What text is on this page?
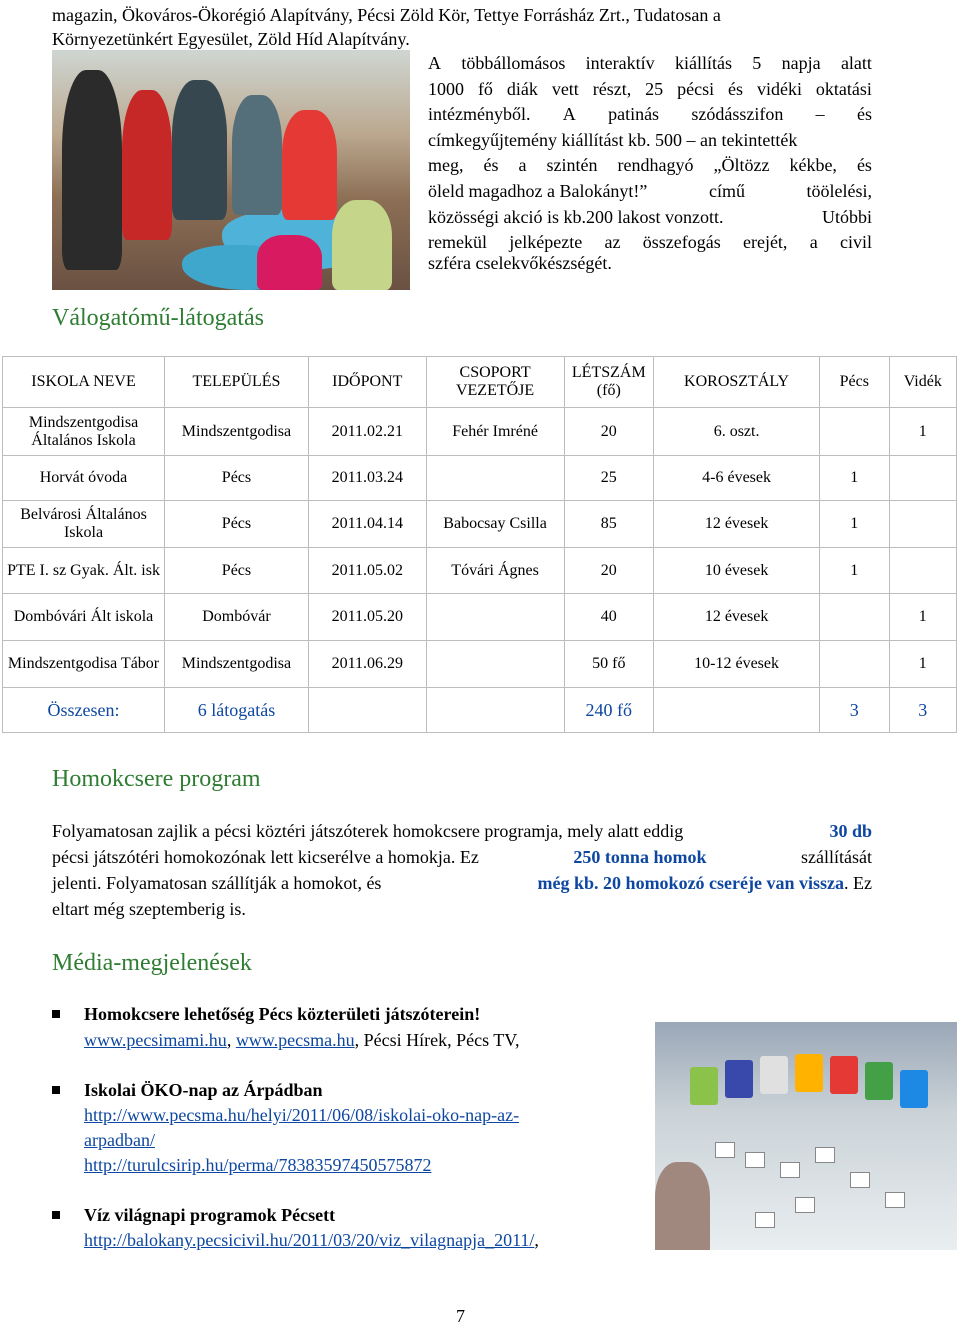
magazin, Ökováros-Ökorégió Alapítvány, Pécsi Zöld Kör, Tettye Forrásház Zrt., Tudatosan a
Környezetünkért Egyesület, Zöld Híd Alapítvány.
A többállomásos interaktív kiállítás 5 napja alatt
1000 fő diák vett részt, 25 pécsi és vidéki oktatási
intézményből. A patinás szódásszifon – és
címkegyűjtemény kiállítást kb. 500 – an tekintették
meg, és a szintén rendhagyó „Öltözz kékbe, és
öleld magadhoz a Balokányt!”	című	töölelési,
közösségi akció is kb.200 lakost vonzott.	Utóbbi
remekül jelképezte az összefogás erejét, a civil
szféra cselekvőkészségét.
Válogatómű-látogatás
ISKOLA NEVE	TELEPÜLÉS	IDŐPONT	CSOPORT VEZETŐJE	LÉTSZÁM (fő)	KOROSZTÁLY	Pécs	Vidék
Mindszentgodisa Általános Iskola	Mindszentgodisa	2011.02.21	Fehér Imréné	20	6. oszt.		1
Horvát óvoda	Pécs	2011.03.24		25	4-6 évesek	1	
Belvárosi Általános Iskola	Pécs	2011.04.14	Babocsay Csilla	85	12 évesek	1	
PTE I. sz Gyak. Ált. isk	Pécs	2011.05.02	Tóvári Ágnes	20	10 évesek	1	
Dombóvári Ált iskola	Dombóvár	2011.05.20		40	12 évesek		1
Mindszentgodisa Tábor	Mindszentgodisa	2011.06.29		50 fő	10-12 évesek		1
Összesen:	6 látogatás			240 fő		3	3
Homokcsere program
Folyamatosan zajlik a pécsi köztéri játszóterek homokcsere programja, mely alatt eddig	30 db
pécsi játszótéri homokozónak lett kicserélve a homokja. Ez	250 tonna homok	szállítását
jelenti. Folyamatosan szállítják a homokot, és	még kb. 20 homokozó cseréje van vissza. Ez
eltart még szeptemberig is.
Média-megjelenések
Homokcsere lehetőség Pécs közterületi játszóterein!
www.pecsimami.hu, www.pecsma.hu, Pécsi Hírek, Pécs TV,
Iskolai ÖKO-nap az Árpádban
http://www.pecsma.hu/helyi/2011/06/08/iskolai-oko-nap-az-
arpadban/
http://turulcsirip.hu/perma/78383597450575872
Víz világnapi programok Pécsett
http://balokany.pecsicivil.hu/2011/03/20/viz_vilagnapja_2011/,
7
